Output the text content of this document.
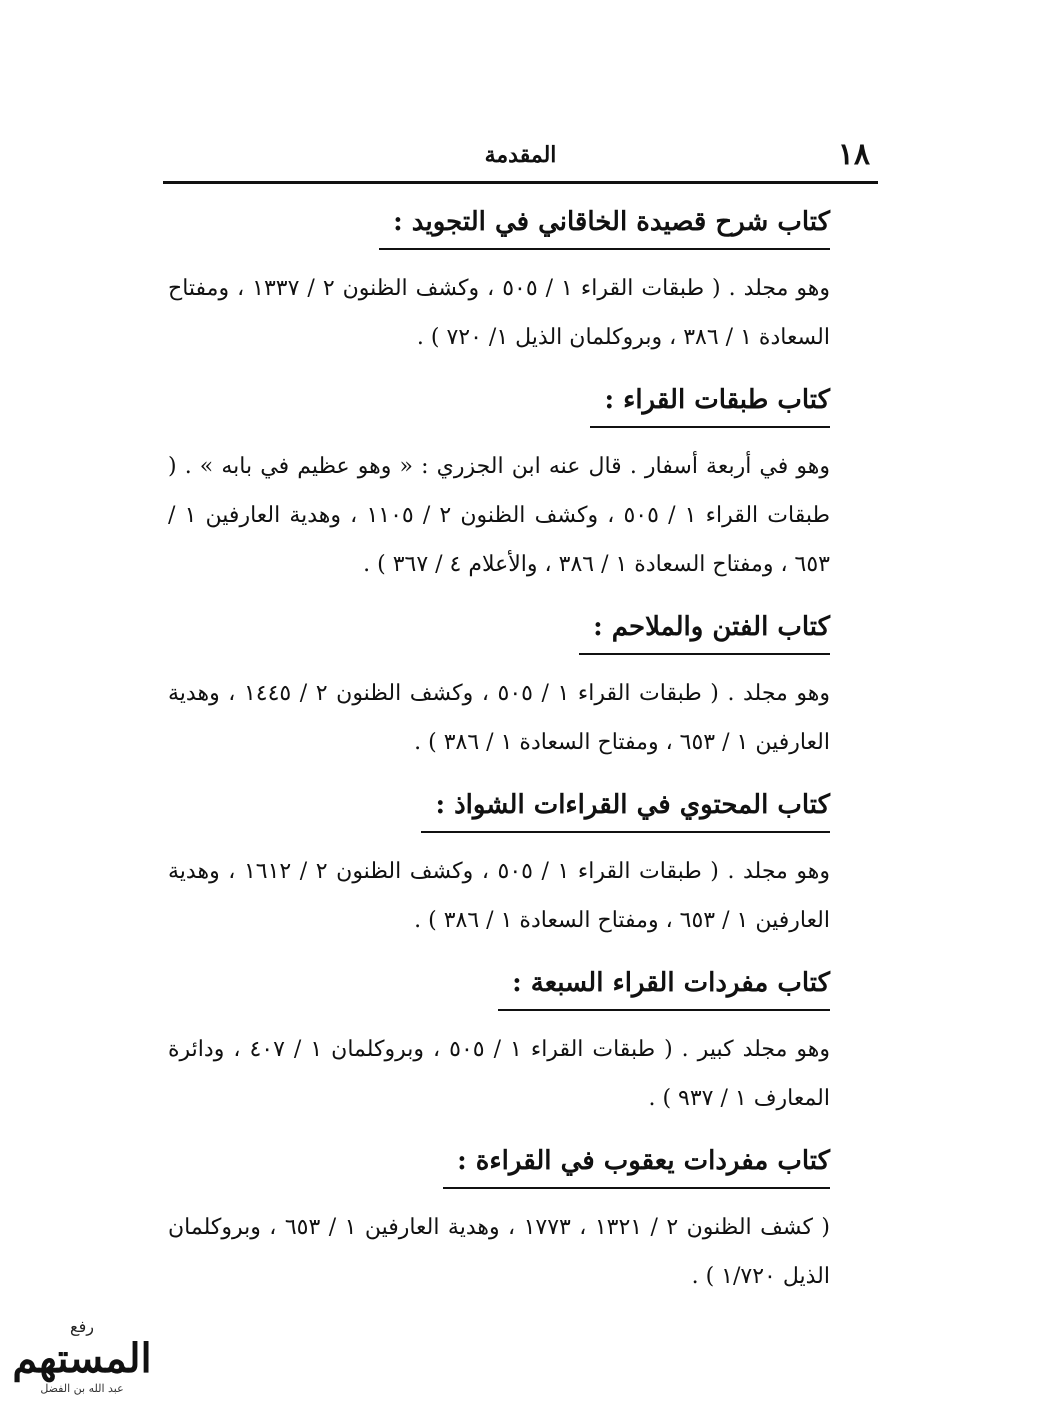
١٨
المقدمة
كتاب شرح قصيدة الخاقاني في التجويد :

وهو مجلد . ( طبقات القراء ١ / ٥٠٥ ، وكشف الظنون ٢ / ١٣٣٧ ، ومفتاح السعادة ١ / ٣٨٦ ، وبروكلمان الذيل ١/ ٧٢٠ ) .

كتاب طبقات القراء :

وهو في أربعة أسفار . قال عنه ابن الجزري : « وهو عظيم في بابه » . ( طبقات القراء ١ / ٥٠٥ ، وكشف الظنون ٢ / ١١٠٥ ، وهدية العارفين ١ / ٦٥٣ ، ومفتاح السعادة ١ / ٣٨٦ ، والأعلام ٤ / ٣٦٧ ) .

كتاب الفتن والملاحم :

وهو مجلد . ( طبقات القراء ١ / ٥٠٥ ، وكشف الظنون ٢ / ١٤٤٥ ، وهدية العارفين ١ / ٦٥٣ ، ومفتاح السعادة ١ / ٣٨٦ ) .

كتاب المحتوي في القراءات الشواذ :

وهو مجلد . ( طبقات القراء ١ / ٥٠٥ ، وكشف الظنون ٢ / ١٦١٢ ، وهدية العارفين ١ / ٦٥٣ ، ومفتاح السعادة ١ / ٣٨٦ ) .

كتاب مفردات القراء السبعة :

وهو مجلد كبير . ( طبقات القراء ١ / ٥٠٥ ، وبروكلمان ١ / ٤٠٧ ، ودائرة المعارف ١ / ٩٣٧ ) .

كتاب مفردات يعقوب في القراءة :

( كشف الظنون ٢ / ١٣٢١ ، ١٧٧٣ ، وهدية العارفين ١ / ٦٥٣ ، وبروكلمان الذيل ١/٧٢٠ ) .

رفع
المستهم
عبد الله بن الفضل
